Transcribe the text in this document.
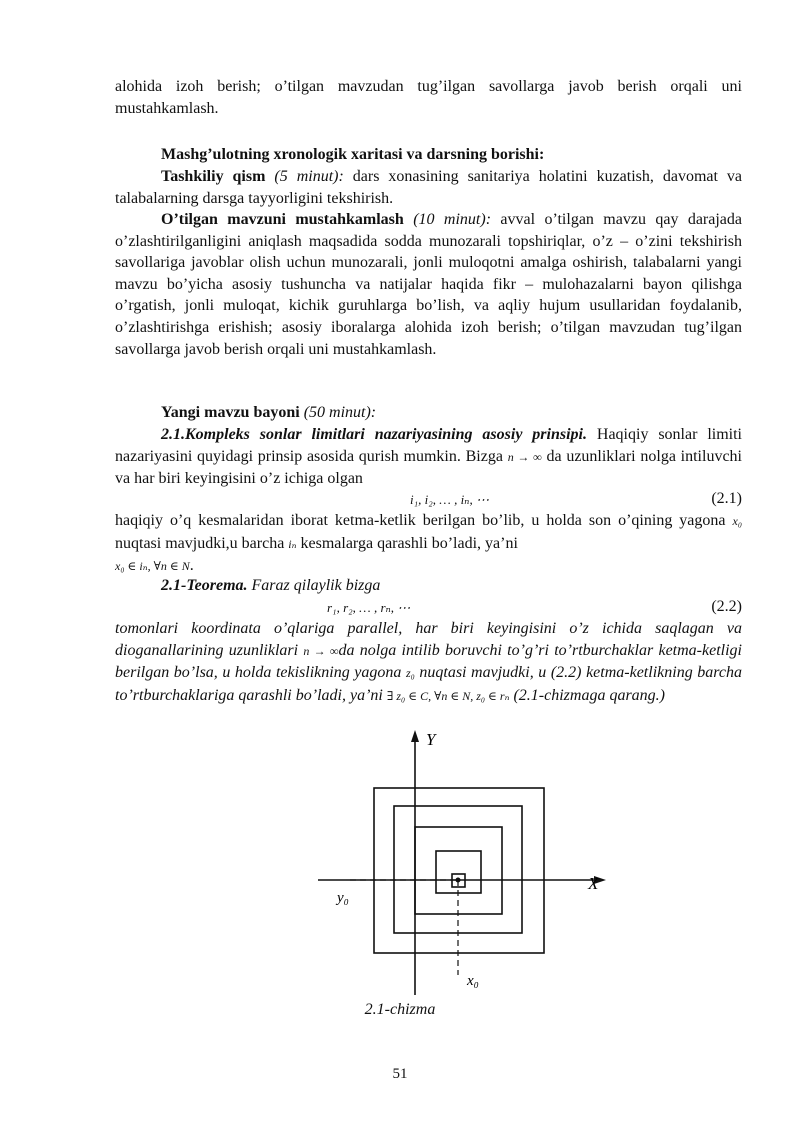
alohida izoh berish; o’tilgan mavzudan tug’ilgan savollarga javob berish orqali uni mustahkamlash.

Mashg’ulotning xronologik xaritasi va darsning borishi:

Tashkiliy qism (5 minut): dars xonasining sanitariya holatini kuzatish, davomat va talabalarning darsga tayyorligini tekshirish.

O’tilgan mavzuni mustahkamlash (10 minut): avval o’tilgan mavzu qay darajada o’zlashtirilganligini aniqlash maqsadida sodda munozarali topshiriqlar, o’z – o’zini tekshirish savollariga javoblar olish uchun munozarali, jonli muloqotni amalga oshirish, talabalarni yangi mavzu bo’yicha asosiy tushuncha va natijalar haqida fikr – mulohazalarni bayon qilishga o’rgatish, jonli muloqat, kichik guruhlarga bo’lish, va aqliy hujum usullaridan foydalanib, o’zlashtirishga erishish; asosiy iboralarga alohida izoh berish; o’tilgan mavzudan tug’ilgan savollarga javob berish orqali uni mustahkamlash.

Yangi mavzu bayoni (50 minut):

2.1.Kompleks sonlar limitlari nazariyasining asosiy prinsipi. Haqiqiy sonlar limiti nazariyasini quyidagi prinsip asosida qurish mumkin. Bizga n → ∞ da uzunliklari nolga intiluvchi va har biri keyingisini o’z ichiga olgan

i₁, i₂, … , iₙ, ⋯	(2.1)

haqiqiy o’q kesmalaridan iborat ketma-ketlik berilgan bo’lib, u holda son o’qining yagona x₀ nuqtasi mavjudki,u barcha iₙ kesmalarga qarashli bo’ladi, ya’ni
x₀ ∈ iₙ, ∀n ∈ N.

2.1-Teorema. Faraz qilaylik bizga

r₁, r₂, … , rₙ, ⋯	(2.2)

tomonlari koordinata o’qlariga parallel, har biri keyingisini o’z ichida saqlagan va dioganallarining uzunliklari n → ∞da nolga intilib boruvchi to’g’ri to’rtburchaklar ketma-ketligi berilgan bo’lsa, u holda tekislikning yagona z₀ nuqtasi mavjudki, u (2.2) ketma-ketlikning barcha to’rtburchaklariga qarashli bo’ladi, ya’ni ∃ z₀ ∈ C, ∀n ∈ N, z₀ ∈ rₙ (2.1-chizmaga qarang.)

Y
X
y₀
x₀
2.1-chizma
51
